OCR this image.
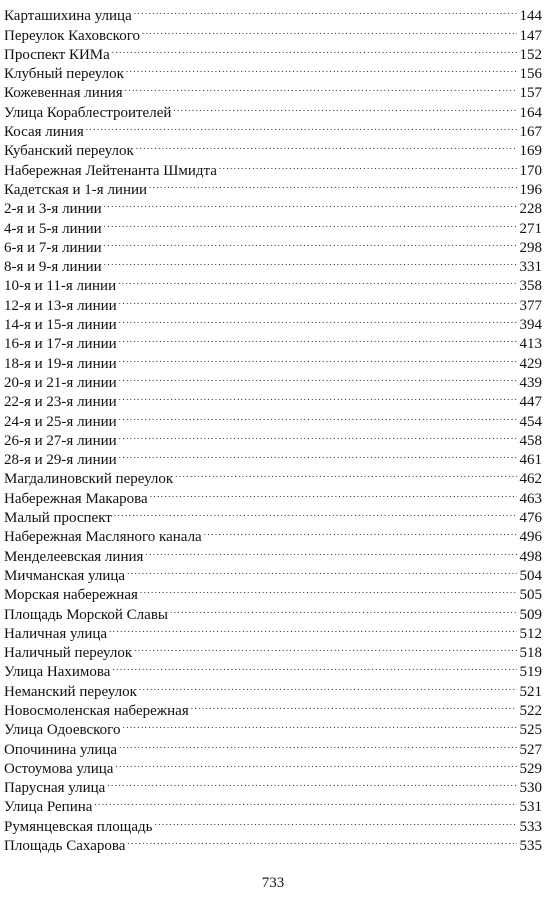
Карташихина улица . . .	144
Переулок Каховского . . .	147
Проспект КИМа . . .	152
Клубный переулок . . .	156
Кожевенная линия . . .	157
Улица Кораблестроителей . . .	164
Косая линия . . .	167
Кубанский переулок . . .	169
Набережная Лейтенанта Шмидта . . .	170
Кадетская и 1-я линии . . .	196
2-я и 3-я линии . . .	228
4-я и 5-я линии . . .	271
6-я и 7-я линии . . .	298
8-я и 9-я линии . . .	331
10-я и 11-я линии . . .	358
12-я и 13-я линии . . .	377
14-я и 15-я линии . . .	394
16-я и 17-я линии . . .	413
18-я и 19-я линии . . .	429
20-я и 21-я линии . . .	439
22-я и 23-я линии . . .	447
24-я и 25-я линии . . .	454
26-я и 27-я линии . . .	458
28-я и 29-я линии . . .	461
Магдалиновский переулок . . .	462
Набережная Макарова . . .	463
Малый проспект . . .	476
Набережная Масляного канала . . .	496
Менделеевская линия . . .	498
Мичманская улица . . .	504
Морская набережная . . .	505
Площадь Морской Славы . . .	509
Наличная улица . . .	512
Наличный переулок . . .	518
Улица Нахимова . . .	519
Неманский переулок . . .	521
Новосмоленская набережная . . .	522
Улица Одоевского . . .	525
Опочинина улица . . .	527
Остоумова улица . . .	529
Парусная улица . . .	530
Улица Репина . . .	531
Румянцевская площадь . . .	533
Площадь Сахарова . . .	535
733
